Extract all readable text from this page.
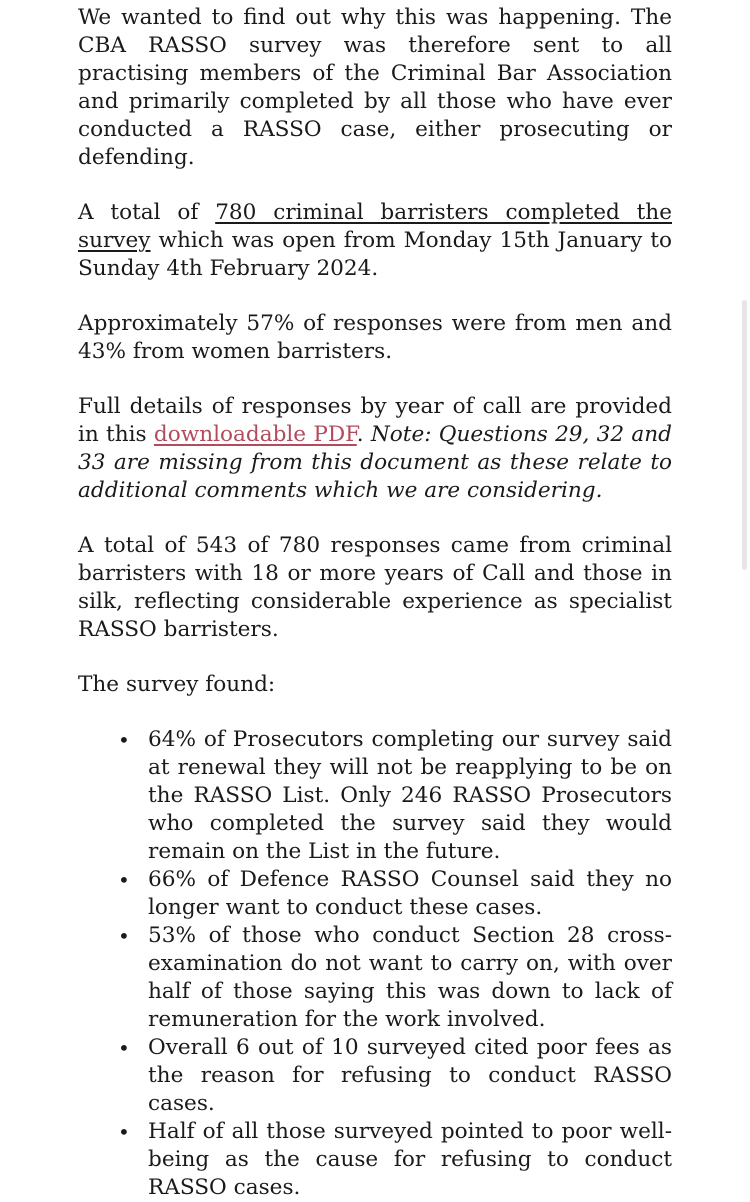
We wanted to find out why this was happening. The CBA RASSO survey was therefore sent to all practising members of the Criminal Bar Association and primarily completed by all those who have ever conducted a RASSO case, either prosecuting or defending.

A total of 780 criminal barristers completed the survey which was open from Monday 15th January to Sunday 4th February 2024.

Approximately 57% of responses were from men and 43% from women barristers.

Full details of responses by year of call are provided in this downloadable PDF. Note: Questions 29, 32 and 33 are missing from this document as these relate to additional comments which we are considering.

A total of 543 of 780 responses came from criminal barristers with 18 or more years of Call and those in silk, reflecting considerable experience as specialist RASSO barristers.

The survey found:

• 64% of Prosecutors completing our survey said at renewal they will not be reapplying to be on the RASSO List. Only 246 RASSO Prosecutors who completed the survey said they would remain on the List in the future.
• 66% of Defence RASSO Counsel said they no longer want to conduct these cases.
• 53% of those who conduct Section 28 cross-examination do not want to carry on, with over half of those saying this was down to lack of remuneration for the work involved.
• Overall 6 out of 10 surveyed cited poor fees as the reason for refusing to conduct RASSO cases.
• Half of all those surveyed pointed to poor well-being as the cause for refusing to conduct RASSO cases.
